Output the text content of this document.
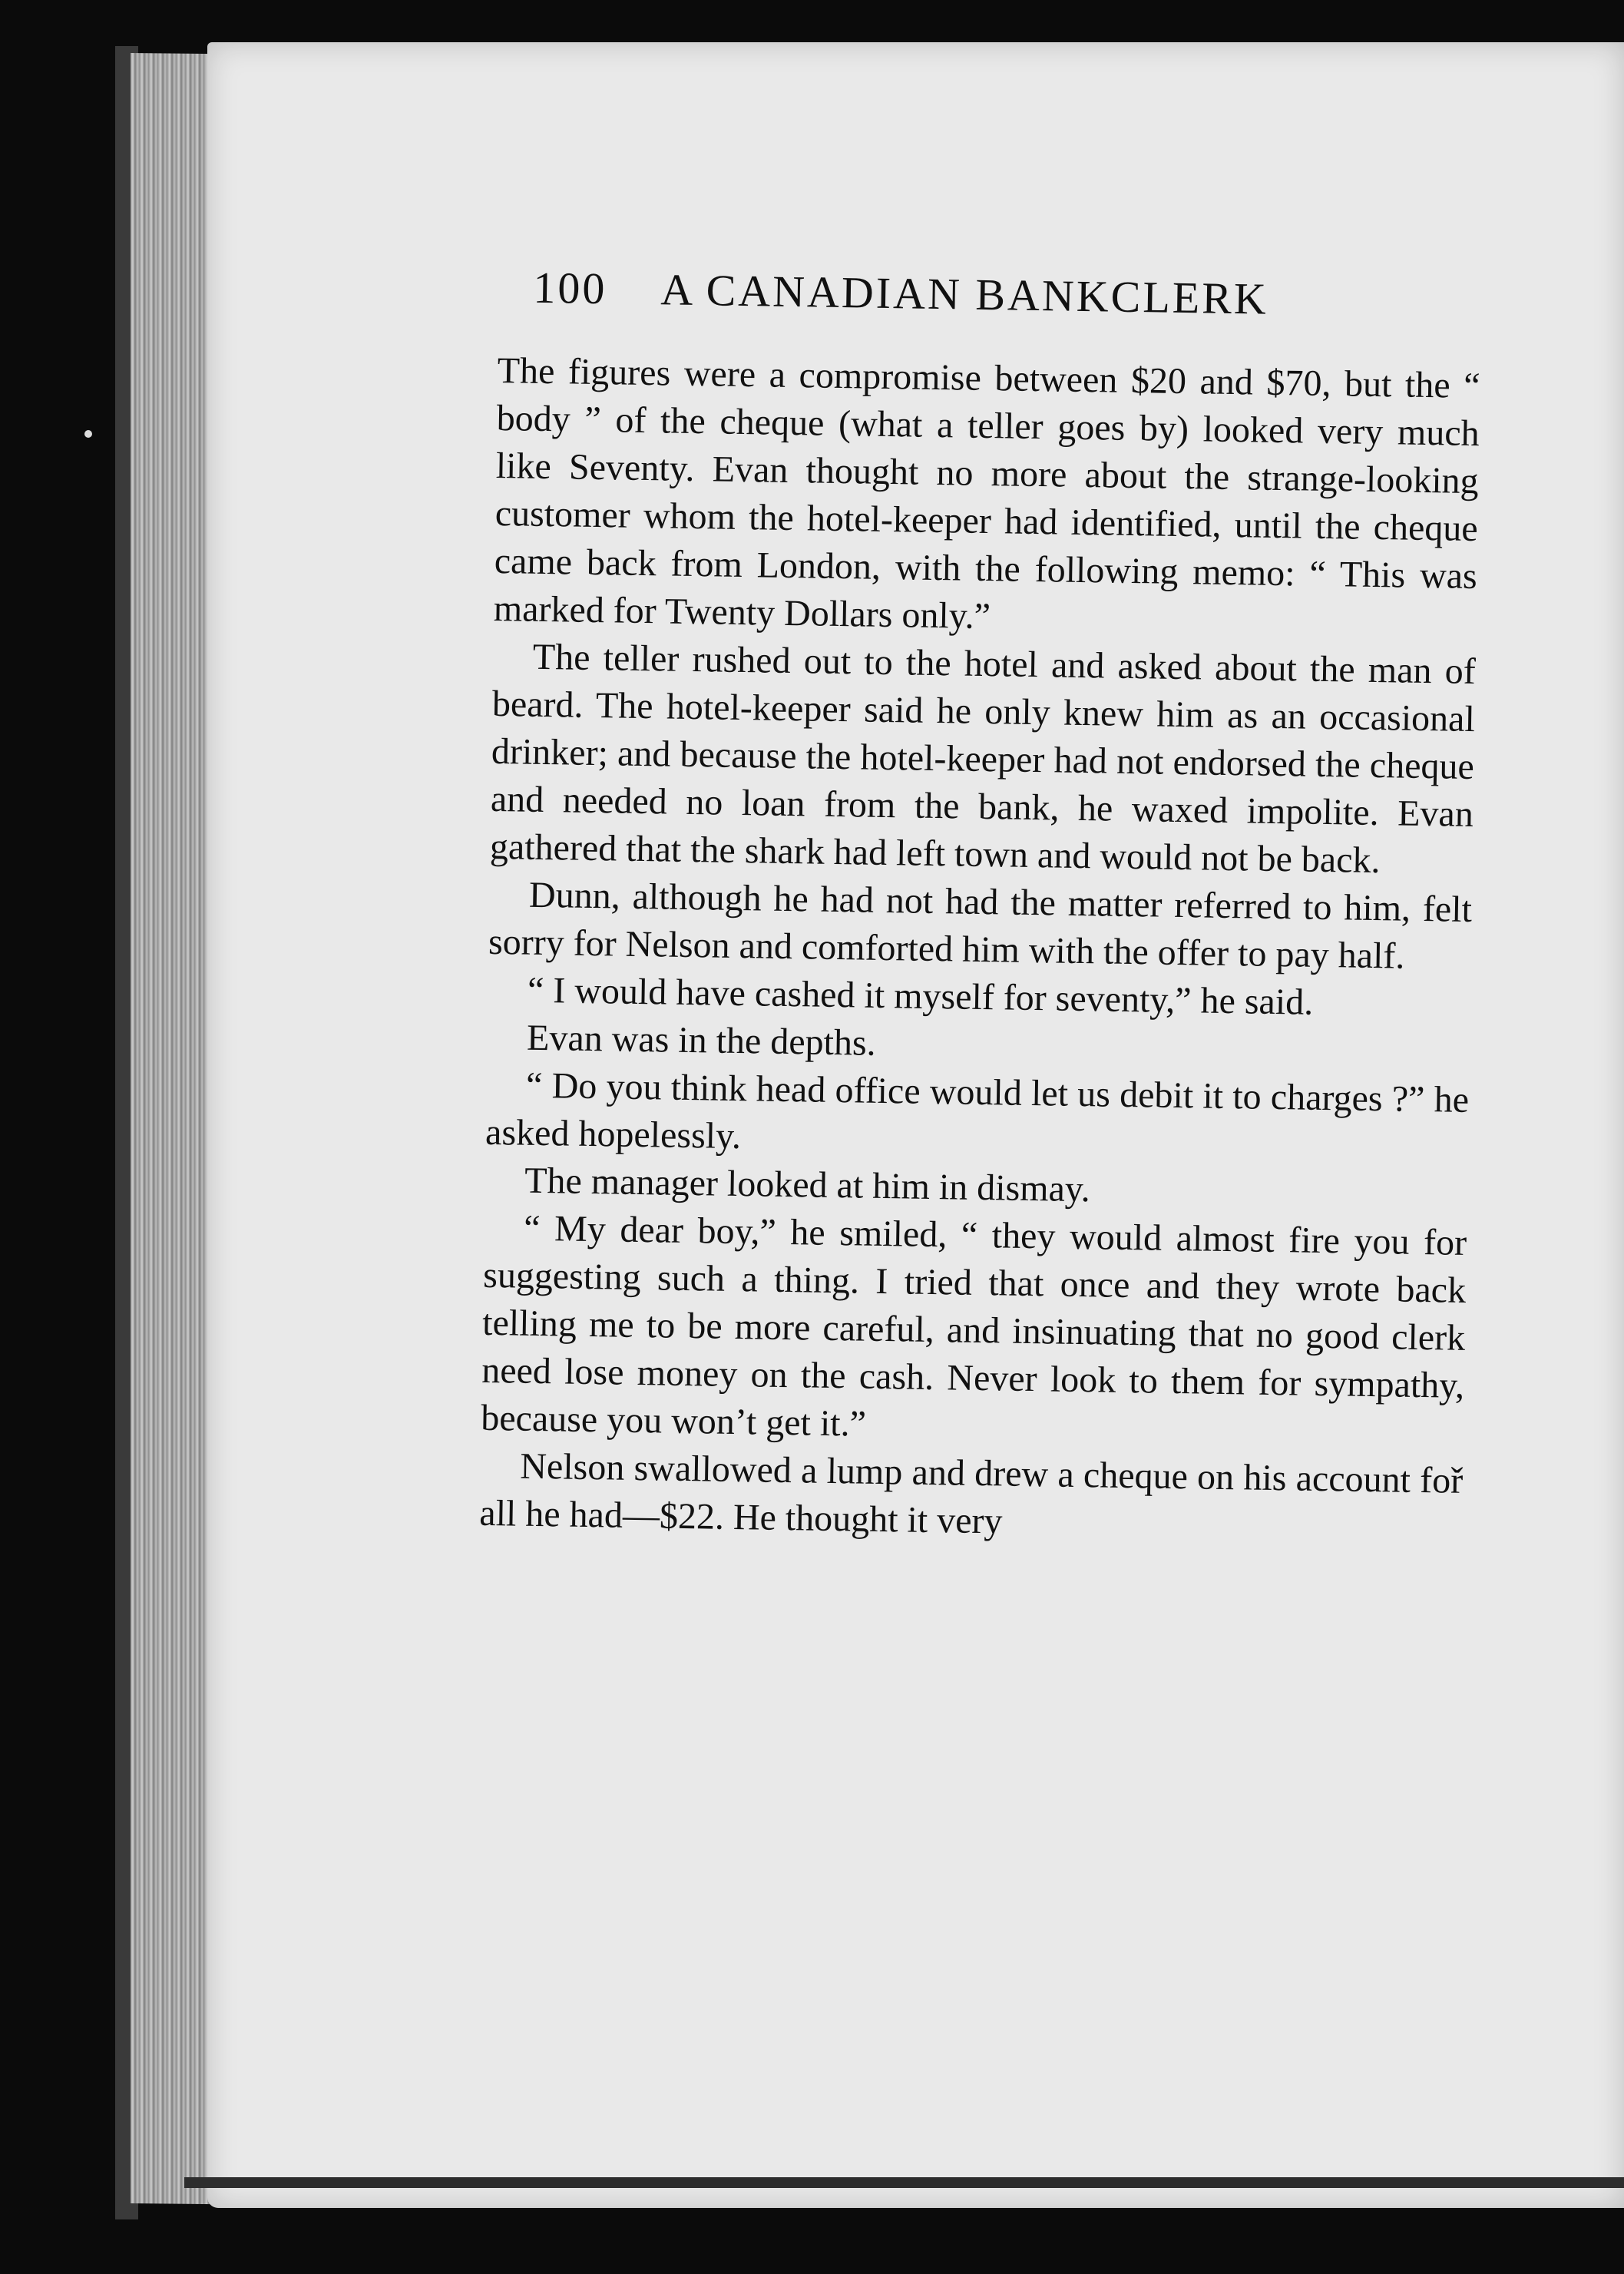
100 A CANADIAN BANKCLERK

The figures were a compromise between $20 and $70, but the “ body ” of the cheque (what a teller goes by) looked very much like Seventy. Evan thought no more about the strange-looking customer whom the hotel-keeper had identified, until the cheque came back from London, with the following memo: “ This was marked for Twenty Dollars only.”

The teller rushed out to the hotel and asked about the man of beard. The hotel-keeper said he only knew him as an occasional drinker; and because the hotel-keeper had not endorsed the cheque and needed no loan from the bank, he waxed impolite. Evan gathered that the shark had left town and would not be back.

Dunn, although he had not had the matter referred to him, felt sorry for Nelson and comforted him with the offer to pay half.

“ I would have cashed it myself for seventy,” he said.

Evan was in the depths.

“ Do you think head office would let us debit it to charges ?” he asked hopelessly.

The manager looked at him in dismay.

“ My dear boy,” he smiled, “ they would almost fire you for suggesting such a thing. I tried that once and they wrote back telling me to be more careful, and insinuating that no good clerk need lose money on the cash. Never look to them for sympathy, because you won’t get it.”

Nelson swallowed a lump and drew a cheque on his account foř all he had—$22. He thought it very
